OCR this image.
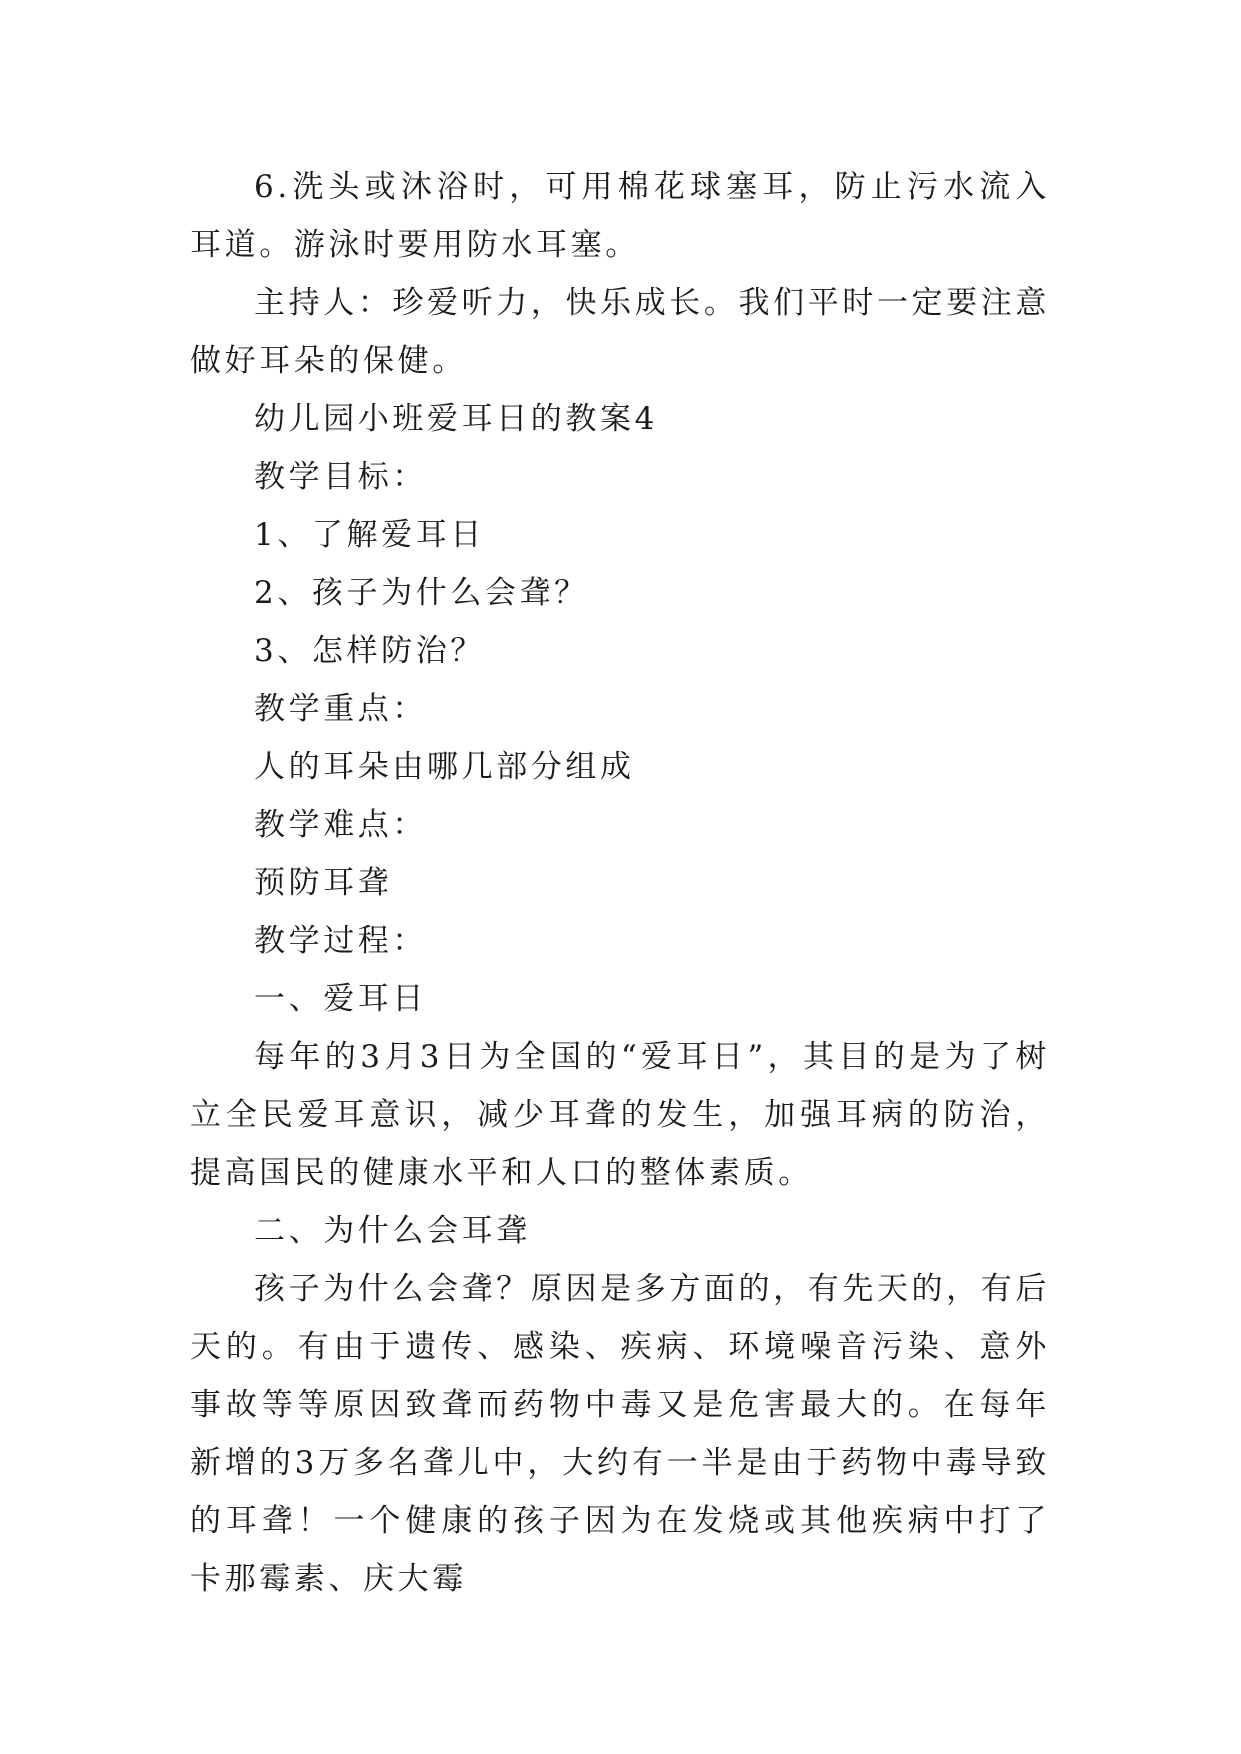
6.洗头或沐浴时，可用棉花球塞耳，防止污水流入耳道。游泳时要用防水耳塞。

主持人：珍爱听力，快乐成长。我们平时一定要注意做好耳朵的保健。

幼儿园小班爱耳日的教案4

教学目标：

1、了解爱耳日

2、孩子为什么会聋？

3、怎样防治？

教学重点：

人的耳朵由哪几部分组成

教学难点：

预防耳聋

教学过程：

一、爱耳日

每年的3月3日为全国的“爱耳日”，其目的是为了树立全民爱耳意识，减少耳聋的发生，加强耳病的防治，提高国民的健康水平和人口的整体素质。

二、为什么会耳聋

孩子为什么会聋？原因是多方面的，有先天的，有后天的。有由于遗传、感染、疾病、环境噪音污染、意外事故等等原因致聋而药物中毒又是危害最大的。在每年新增的3万多名聋儿中，大约有一半是由于药物中毒导致的耳聋！一个健康的孩子因为在发烧或其他疾病中打了卡那霉素、庆大霉
